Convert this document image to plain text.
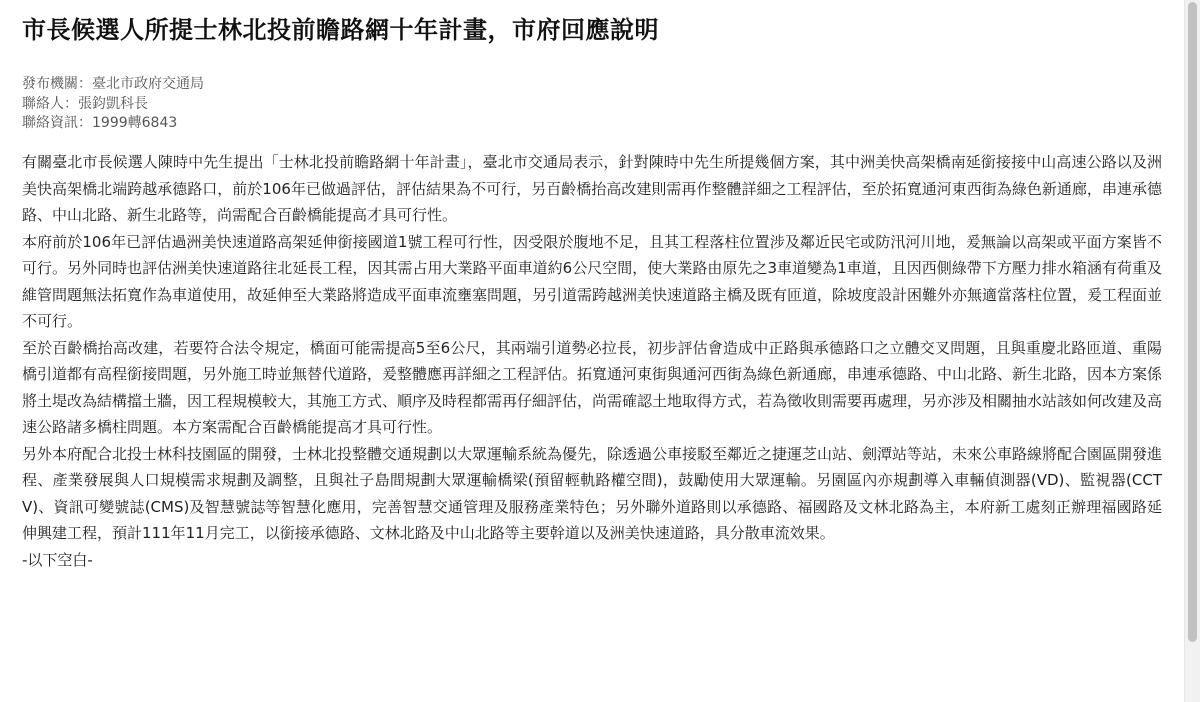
市長候選人所提士林北投前瞻路網十年計畫，市府回應說明
發布機關：臺北市政府交通局
聯絡人：張鈞凱科長
聯絡資訊：1999轉6843

有關臺北市長候選人陳時中先生提出「士林北投前瞻路網十年計畫」，臺北市交通局表示，針對陳時中先生所提幾個方案，其中洲美快高架橋南延銜接接中山高速公路以及洲美快高架橋北端跨越承德路口，前於106年已做過評估，評估結果為不可行，另百齡橋抬高改建則需再作整體詳細之工程評估，至於拓寬通河東西街為綠色新通廊，串連承德路、中山北路、新生北路等，尚需配合百齡橋能提高才具可行性。

本府前於106年已評估過洲美快速道路高架延伸銜接國道1號工程可行性，因受限於腹地不足，且其工程落柱位置涉及鄰近民宅或防汛河川地，爰無論以高架或平面方案皆不可行。另外同時也評估洲美快速道路往北延長工程，因其需占用大業路平面車道約6公尺空間，使大業路由原先之3車道變為1車道，且因西側綠帶下方壓力排水箱涵有荷重及維管問題無法拓寬作為車道使用，故延伸至大業路將造成平面車流壅塞問題，另引道需跨越洲美快速道路主橋及既有匝道，除坡度設計困難外亦無適當落柱位置，爰工程面並不可行。

至於百齡橋抬高改建，若要符合法令規定，橋面可能需提高5至6公尺，其兩端引道勢必拉長，初步評估會造成中正路與承德路口之立體交叉問題，且與重慶北路匝道、重陽橋引道都有高程銜接問題，另外施工時並無替代道路，爰整體應再詳細之工程評估。拓寬通河東街與通河西街為綠色新通廊，串連承德路、中山北路、新生北路，因本方案係將土堤改為結構擋土牆，因工程規模較大，其施工方式、順序及時程都需再仔細評估，尚需確認土地取得方式，若為徵收則需要再處理，另亦涉及相關抽水站該如何改建及高速公路諸多橋柱問題。本方案需配合百齡橋能提高才具可行性。

另外本府配合北投士林科技園區的開發，士林北投整體交通規劃以大眾運輸系統為優先，除透過公車接駁至鄰近之捷運芝山站、劍潭站等站，未來公車路線將配合園區開發進程、產業發展與人口規模需求規劃及調整，且與社子島間規劃大眾運輸橋梁(預留輕軌路權空間)，鼓勵使用大眾運輸。另園區內亦規劃導入車輛偵測器(VD)、監視器(CCTV)、資訊可變號誌(CMS)及智慧號誌等智慧化應用，完善智慧交通管理及服務產業特色；另外聯外道路則以承德路、福國路及文林北路為主，本府新工處刻正辦理福國路延伸興建工程，預計111年11月完工，以銜接承德路、文林北路及中山北路等主要幹道以及洲美快速道路，具分散車流效果。

-以下空白-
